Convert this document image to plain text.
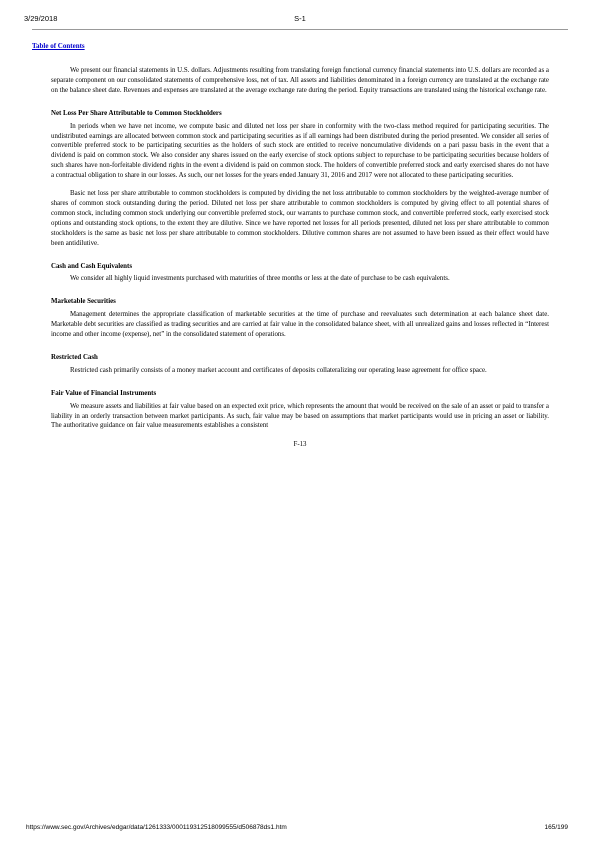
3/29/2018	S-1
Table of Contents

We present our financial statements in U.S. dollars. Adjustments resulting from translating foreign functional currency financial statements into U.S. dollars are recorded as a separate component on our consolidated statements of comprehensive loss, net of tax. All assets and liabilities denominated in a foreign currency are translated at the exchange rate on the balance sheet date. Revenues and expenses are translated at the average exchange rate during the period. Equity transactions are translated using the historical exchange rate.

Net Loss Per Share Attributable to Common Stockholders

In periods when we have net income, we compute basic and diluted net loss per share in conformity with the two-class method required for participating securities. The undistributed earnings are allocated between common stock and participating securities as if all earnings had been distributed during the period presented. We consider all series of convertible preferred stock to be participating securities as the holders of such stock are entitled to receive noncumulative dividends on a pari passu basis in the event that a dividend is paid on common stock. We also consider any shares issued on the early exercise of stock options subject to repurchase to be participating securities because holders of such shares have non-forfeitable dividend rights in the event a dividend is paid on common stock. The holders of convertible preferred stock and early exercised shares do not have a contractual obligation to share in our losses. As such, our net losses for the years ended January 31, 2016 and 2017 were not allocated to these participating securities.

Basic net loss per share attributable to common stockholders is computed by dividing the net loss attributable to common stockholders by the weighted-average number of shares of common stock outstanding during the period. Diluted net loss per share attributable to common stockholders is computed by giving effect to all potential shares of common stock, including common stock underlying our convertible preferred stock, our warrants to purchase common stock, and convertible preferred stock, early exercised stock options and outstanding stock options, to the extent they are dilutive. Since we have reported net losses for all periods presented, diluted net loss per share attributable to common stockholders is the same as basic net loss per share attributable to common stockholders. Dilutive common shares are not assumed to have been issued as their effect would have been antidilutive.

Cash and Cash Equivalents

We consider all highly liquid investments purchased with maturities of three months or less at the date of purchase to be cash equivalents.

Marketable Securities

Management determines the appropriate classification of marketable securities at the time of purchase and reevaluates such determination at each balance sheet date. Marketable debt securities are classified as trading securities and are carried at fair value in the consolidated balance sheet, with all unrealized gains and losses reflected in “Interest income and other income (expense), net” in the consolidated statement of operations.

Restricted Cash

Restricted cash primarily consists of a money market account and certificates of deposits collateralizing our operating lease agreement for office space.

Fair Value of Financial Instruments

We measure assets and liabilities at fair value based on an expected exit price, which represents the amount that would be received on the sale of an asset or paid to transfer a liability in an orderly transaction between market participants. As such, fair value may be based on assumptions that market participants would use in pricing an asset or liability. The authoritative guidance on fair value measurements establishes a consistent

F-13
https://www.sec.gov/Archives/edgar/data/1261333/000119312518099555/d506878ds1.htm	165/199
